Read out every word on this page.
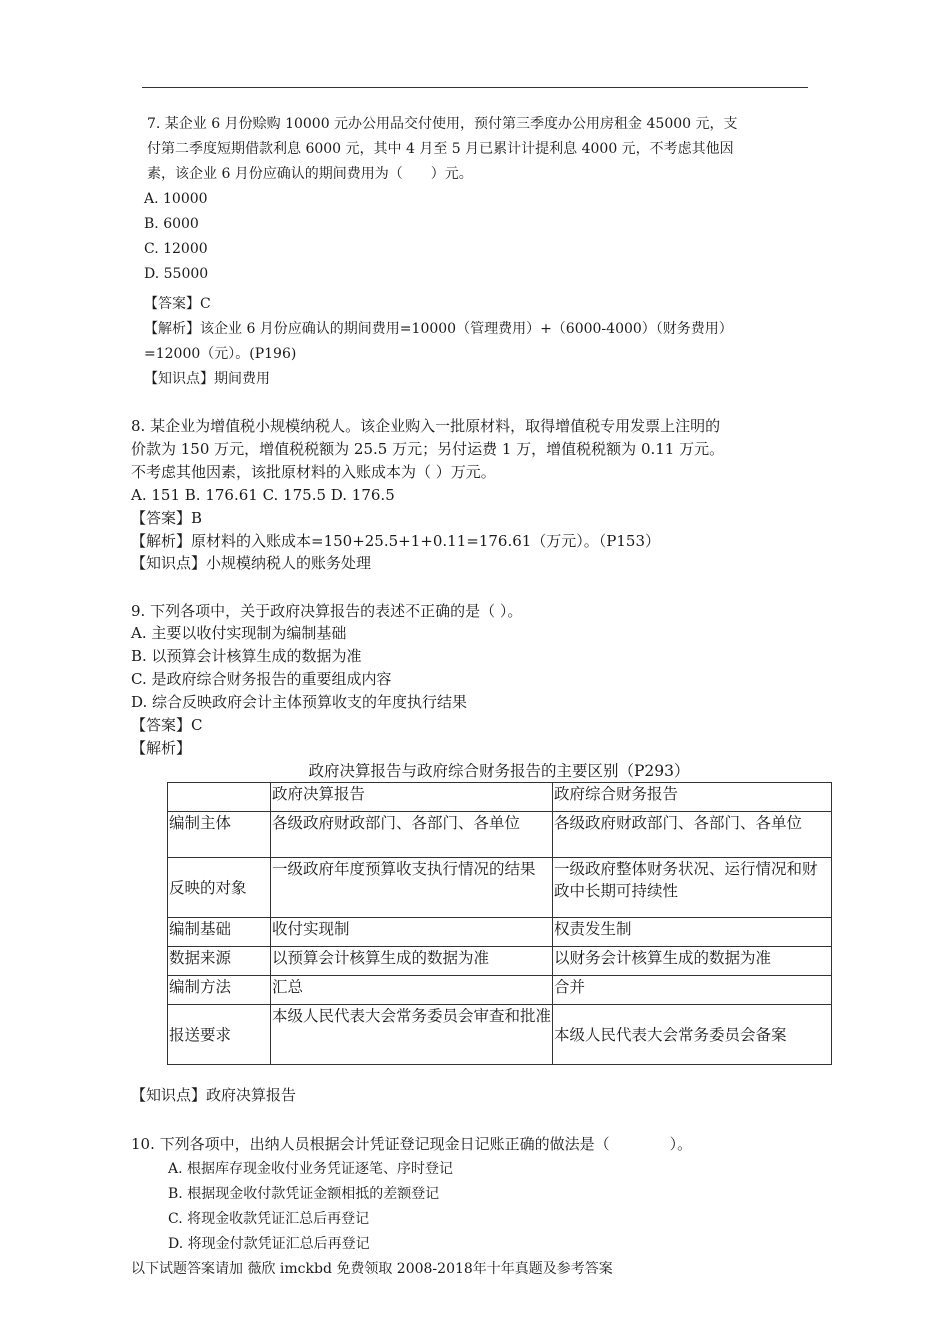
7. 某企业 6 月份赊购 10000 元办公用品交付使用，预付第三季度办公用房租金 45000 元，支
付第二季度短期借款利息 6000 元，其中 4 月至 5 月已累计计提利息 4000 元，不考虑其他因
素，该企业 6 月份应确认的期间费用为（　　）元。
A. 10000
B. 6000
C. 12000
D. 55000
【答案】C
【解析】该企业 6 月份应确认的期间费用=10000（管理费用）+（6000-4000）（财务费用）
=12000（元）。(P196)
【知识点】期间费用
8. 某企业为增值税小规模纳税人。该企业购入一批原材料，取得增值税专用发票上注明的
价款为 150 万元，增值税税额为 25.5 万元；另付运费 1 万，增值税税额为 0.11 万元。
不考虑其他因素，该批原材料的入账成本为（ ）万元。
A. 151 B. 176.61 C. 175.5 D. 176.5
【答案】B
【解析】原材料的入账成本=150+25.5+1+0.11=176.61（万元）。（P153）
【知识点】小规模纳税人的账务处理
9. 下列各项中，关于政府决算报告的表述不正确的是（ ）。
A. 主要以收付实现制为编制基础
B. 以预算会计核算生成的数据为准
C. 是政府综合财务报告的重要组成内容
D. 综合反映政府会计主体预算收支的年度执行结果
【答案】C
【解析】
政府决算报告与政府综合财务报告的主要区别（P293）
	政府决算报告	政府综合财务报告
编制主体	各级政府财政部门、各部门、各单位	各级政府财政部门、各部门、各单位
反映的对象	一级政府年度预算收支执行情况的结果	一级政府整体财务状况、运行情况和财政中长期可持续性
编制基础	收付实现制	权责发生制
数据来源	以预算会计核算生成的数据为准	以财务会计核算生成的数据为准
编制方法	汇总	合并
报送要求	本级人民代表大会常务委员会审查和批准	本级人民代表大会常务委员会备案
【知识点】政府决算报告
10. 下列各项中，出纳人员根据会计凭证登记现金日记账正确的做法是（　　　　）。
A. 根据库存现金收付业务凭证逐笔、序时登记
B. 根据现金收付款凭证金额相抵的差额登记
C. 将现金收款凭证汇总后再登记
D. 将现金付款凭证汇总后再登记
以下试题答案请加 薇欣 imckbd 免费领取 2008-2018年十年真题及参考答案
